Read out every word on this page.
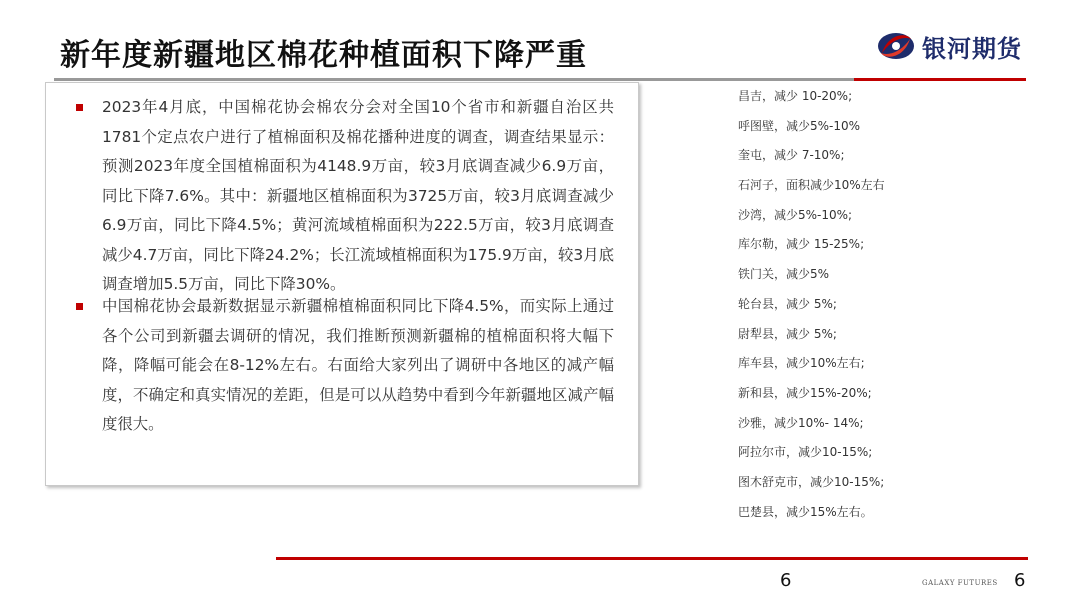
新年度新疆地区棉花种植面积下降严重	银河期货
2023年4月底，中国棉花协会棉农分会对全国10个省市和新疆自治区共1781个定点农户进行了植棉面积及棉花播种进度的调查，调查结果显示：预测2023年度全国植棉面积为4148.9万亩，较3月底调查减少6.9万亩，同比下降7.6%。其中：新疆地区植棉面积为3725万亩，较3月底调查减少6.9万亩，同比下降4.5%；黄河流域植棉面积为222.5万亩，较3月底调查减少4.7万亩，同比下降24.2%；长江流域植棉面积为175.9万亩，较3月底调查增加5.5万亩，同比下降30%。
中国棉花协会最新数据显示新疆棉植棉面积同比下降4.5%，而实际上通过各个公司到新疆去调研的情况，我们推断预测新疆棉的植棉面积将大幅下降，降幅可能会在8-12%左右。右面给大家列出了调研中各地区的减产幅度，不确定和真实情况的差距，但是可以从趋势中看到今年新疆地区减产幅度很大。
昌吉，减少 10-20%;
呼图壁，减少5%-10%
奎屯，减少 7-10%;
石河子，面积减少10%左右
沙湾，减少5%-10%;
库尔勒，减少 15-25%;
铁门关，减少5%
轮台县，减少 5%;
尉犁县，减少 5%;
库车县，减少10%左右;
新和县，减少15%-20%;
沙雅，减少10%- 14%;
阿拉尔市，减少10-15%;
图木舒克市，减少10-15%;
巴楚县，减少15%左右。
6	GALAXY FUTURES 6
